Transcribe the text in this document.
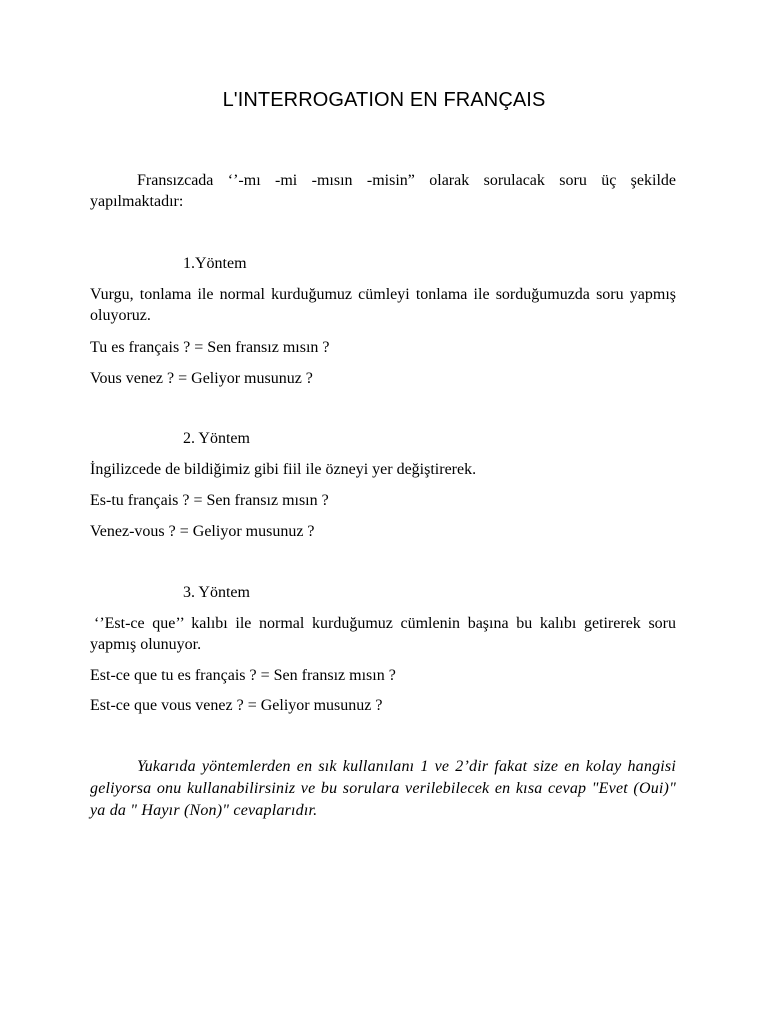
L'INTERROGATION EN FRANÇAIS
Fransızcada ‘’-mı -mi -mısın -misin” olarak sorulacak soru üç şekilde yapılmaktadır:
1.Yöntem
Vurgu, tonlama ile normal kurduğumuz cümleyi tonlama ile sorduğumuzda soru yapmış oluyoruz.
Tu es français ? = Sen fransız mısın ?
Vous venez ? = Geliyor musunuz ?
2. Yöntem
İngilizcede de bildiğimiz gibi fiil ile özneyi yer değiştirerek.
Es-tu français ? = Sen fransız mısın ?
Venez-vous ? = Geliyor musunuz ?
3. Yöntem
‘’Est-ce que’’ kalıbı ile normal kurduğumuz cümlenin başına bu kalıbı getirerek soru yapmış olunuyor.
Est-ce que tu es français ? = Sen fransız mısın ?
Est-ce que vous venez ? = Geliyor musunuz ?
Yukarıda yöntemlerden en sık kullanılanı 1 ve 2’dir fakat size en kolay hangisi geliyorsa onu kullanabilirsiniz ve bu sorulara verilebilecek en kısa cevap "Evet (Oui)" ya da " Hayır (Non)" cevaplarıdır.
